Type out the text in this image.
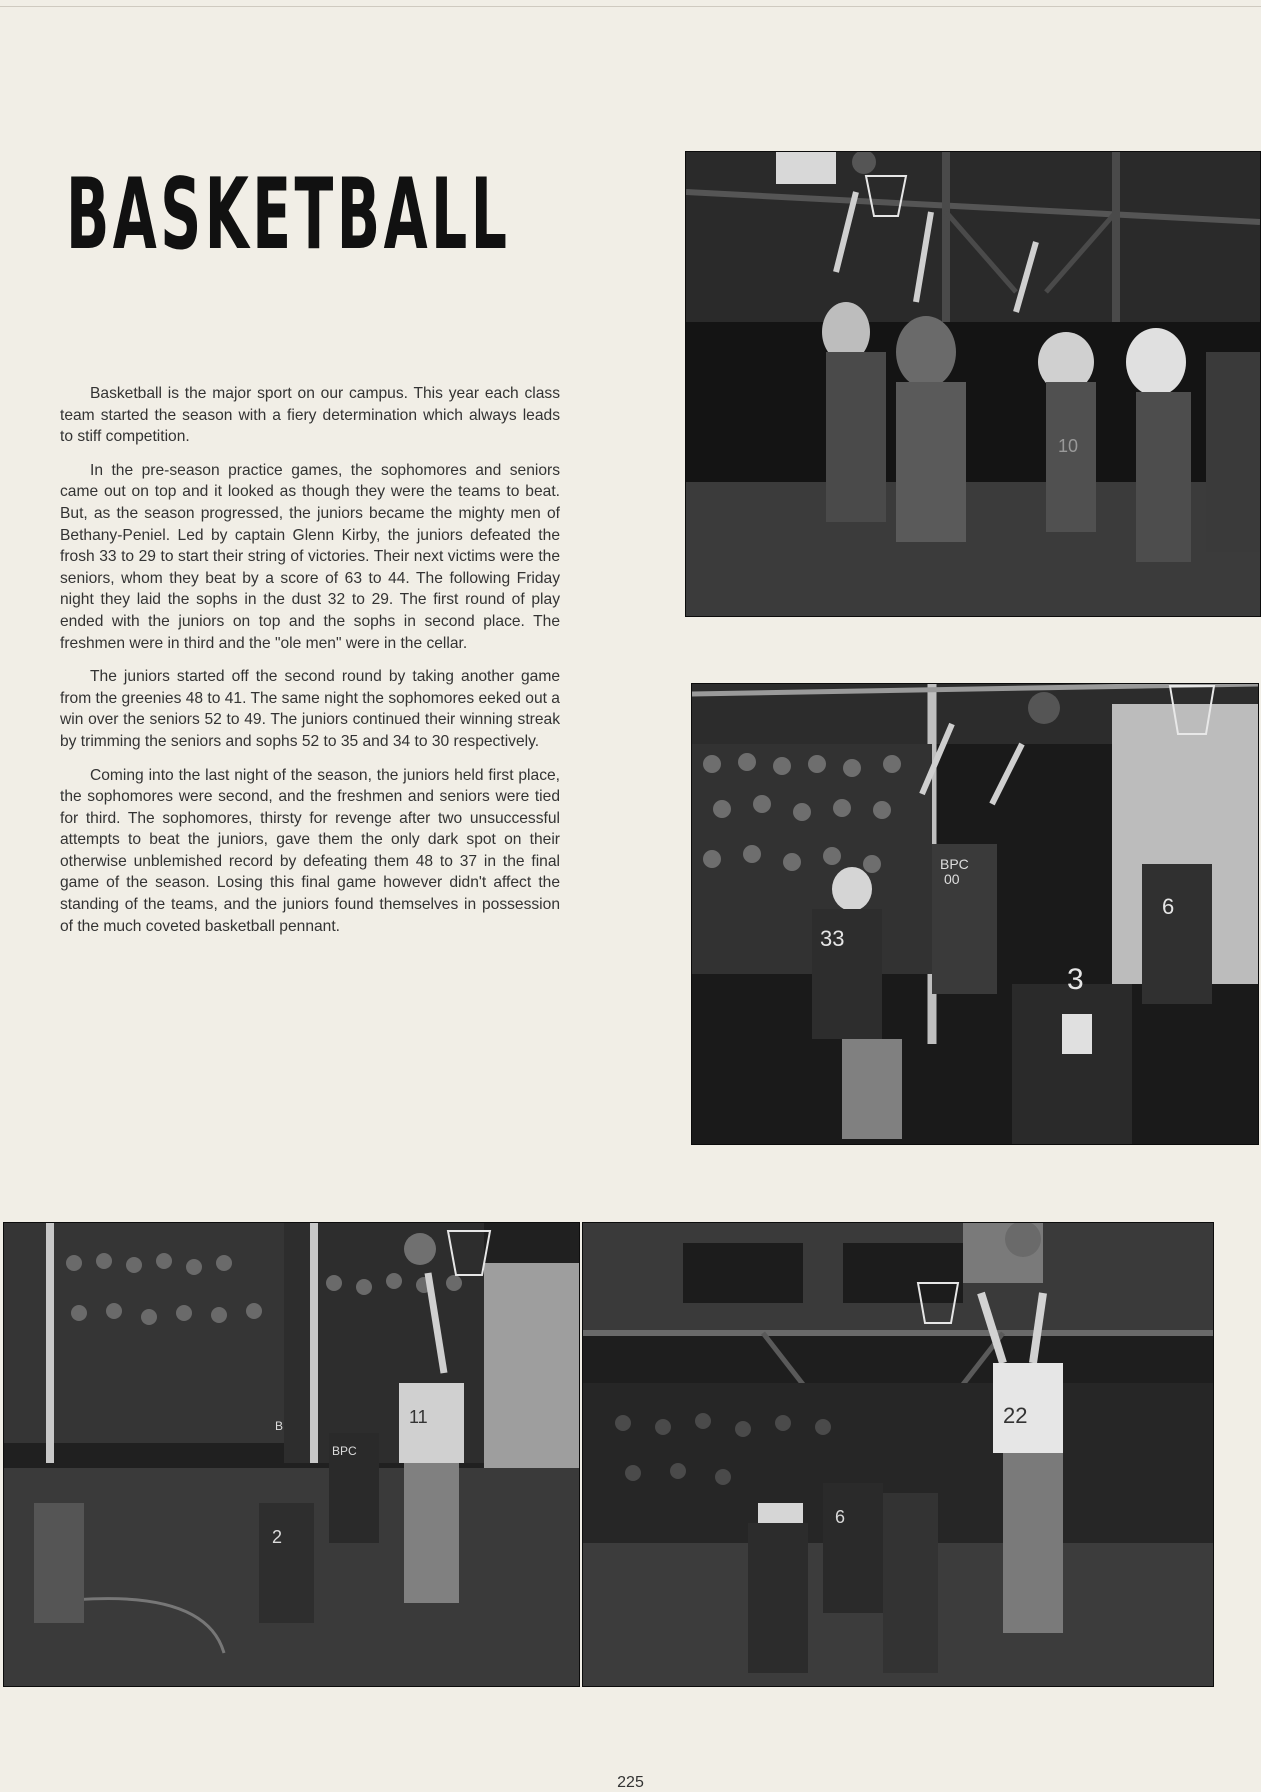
BASKETBALL

Basketball is the major sport on our campus. This year each class team started the season with a fiery determination which always leads to stiff competition.

In the pre-season practice games, the sophomores and seniors came out on top and it looked as though they were the teams to beat. But, as the season progressed, the juniors became the mighty men of Bethany-Peniel. Led by captain Glenn Kirby, the juniors defeated the frosh 33 to 29 to start their string of victories. Their next victims were the seniors, whom they beat by a score of 63 to 44. The following Friday night they laid the sophs in the dust 32 to 29. The first round of play ended with the juniors on top and the sophs in second place. The freshmen were in third and the "ole men" were in the cellar.

The juniors started off the second round by taking another game from the greenies 48 to 41. The same night the sophomores eeked out a win over the seniors 52 to 49. The juniors continued their winning streak by trimming the seniors and sophs 52 to 35 and 34 to 30 respectively.

Coming into the last night of the season, the juniors held first place, the sophomores were second, and the freshmen and seniors were tied for third. The sophomores, thirsty for revenge after two unsuccessful attempts to beat the juniors, gave them the only dark spot on their otherwise unblemished record by defeating them 48 to 37 in the final game of the season. Losing this final game however didn't affect the standing of the teams, and the juniors found themselves in possession of the much coveted basketball pennant.

10
33
BPC
00
6
3
11
BPC
2
B	22
6
225
